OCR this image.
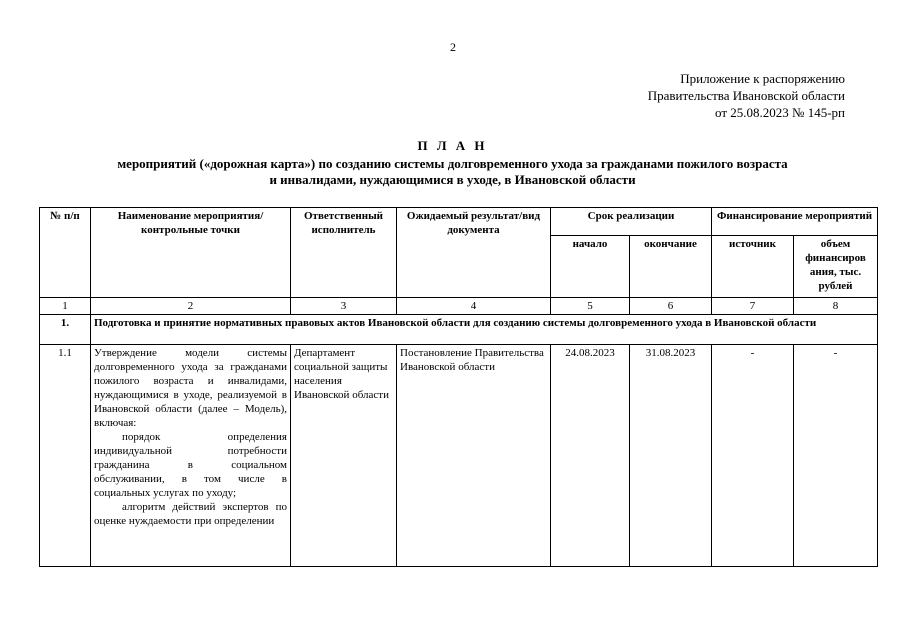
2
Приложение к распоряжению
Правительства Ивановской области
от 25.08.2023 № 145-рп
П Л А Н
мероприятий («дорожная карта») по созданию системы долговременного ухода за гражданами пожилого возраста
и инвалидами, нуждающимися в уходе, в Ивановской области
№ п/п	Наименование мероприятия/ контрольные точки	Ответственный исполнитель	Ожидаемый результат/вид документа	Срок реализации		Финансирование мероприятий	
				начало	окончание	источник	объем финансиров ания, тыс. рублей
1	2	3	4	5	6	7	8
1.	Подготовка и принятие нормативных правовых актов Ивановской области для созданию системы долговременного ухода в Ивановской области						
1.1	Утверждение модели системы долговременного ухода за гражданами пожилого возраста и инвалидами, нуждающимися в уходе, реализуемой в Ивановской области (далее – Модель), включая:
порядок определения индивидуальной потребности гражданина в социальном обслуживании, в том числе в социальных услугах по уходу;
алгоритм действий экспертов по оценке нуждаемости при определении	Департамент социальной защиты населения Ивановской области	Постановление Правительства Ивановской области	24.08.2023	31.08.2023	-	-
